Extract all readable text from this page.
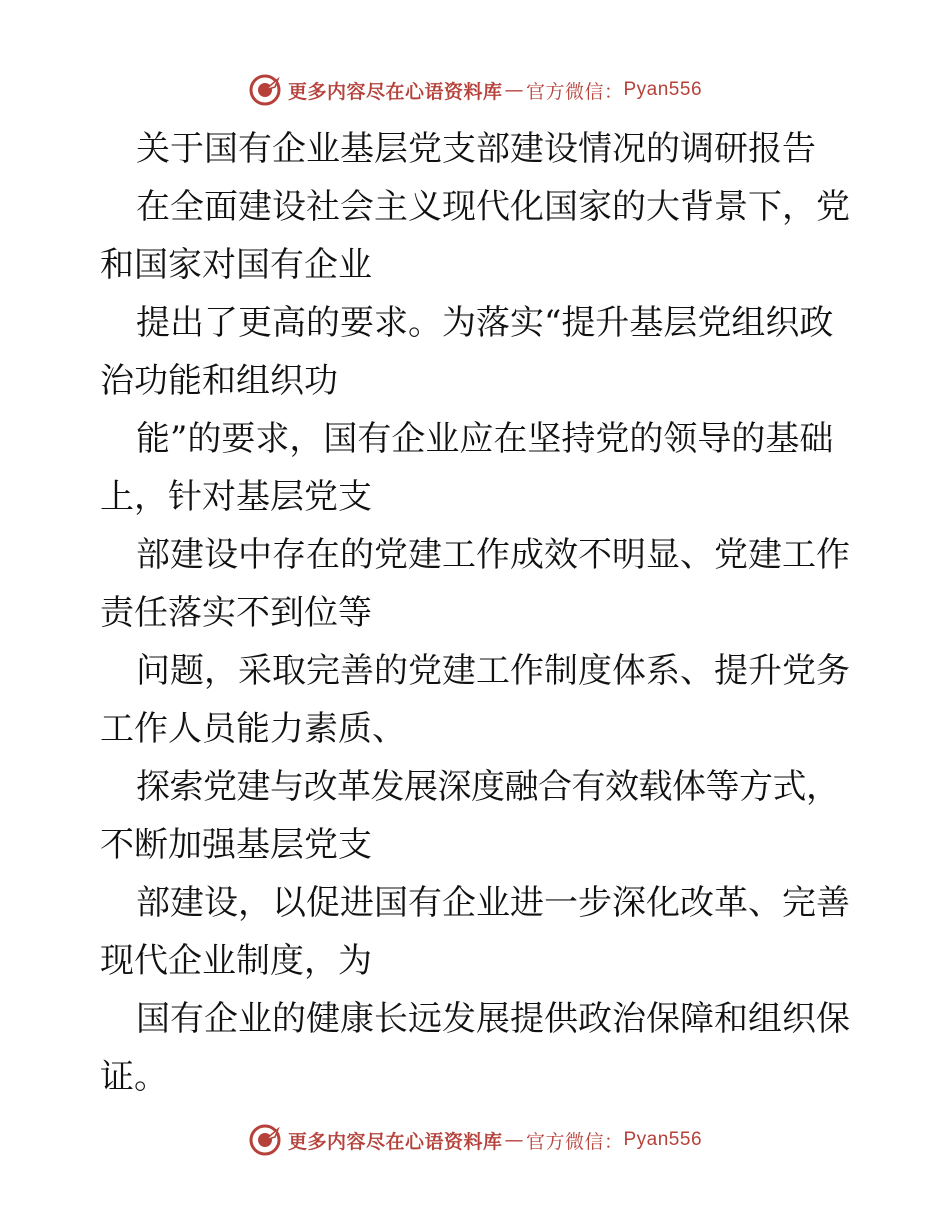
更多内容尽在心语资料库 — 官方微信： Pyan556
关于国有企业基层党支部建设情况的调研报告
在全面建设社会主义现代化国家的大背景下，党
和国家对国有企业
提出了更高的要求。为落实“提升基层党组织政
治功能和组织功
能”的要求，国有企业应在坚持党的领导的基础
上，针对基层党支
部建设中存在的党建工作成效不明显、党建工作
责任落实不到位等
问题，采取完善的党建工作制度体系、提升党务
工作人员能力素质、
探索党建与改革发展深度融合有效载体等方式，
不断加强基层党支
部建设，以促进国有企业进一步深化改革、完善
现代企业制度，为
国有企业的健康长远发展提供政治保障和组织保
证。
更多内容尽在心语资料库 — 官方微信： Pyan556
